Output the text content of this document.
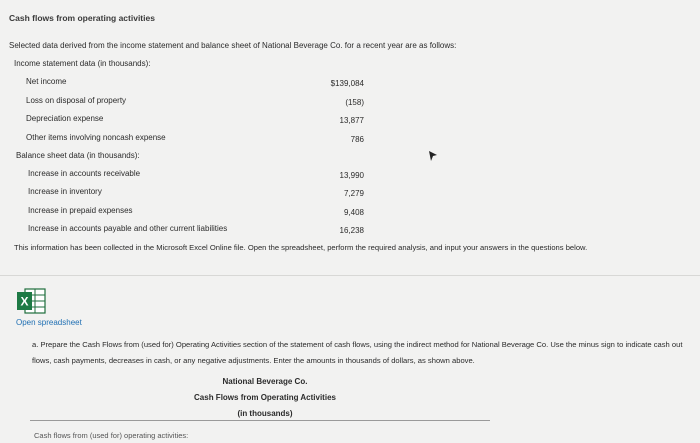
Cash flows from operating activities
Selected data derived from the income statement and balance sheet of National Beverage Co. for a recent year are as follows:
Income statement data (in thousands):
Net income	$139,084
Loss on disposal of property	(158)
Depreciation expense	13,877
Other items involving noncash expense	786
Balance sheet data (in thousands):
Increase in accounts receivable	13,990
Increase in inventory	7,279
Increase in prepaid expenses	9,408
Increase in accounts payable and other current liabilities	16,238
This information has been collected in the Microsoft Excel Online file. Open the spreadsheet, perform the required analysis, and input your answers in the questions below.
X
Open spreadsheet
a. Prepare the Cash Flows from (used for) Operating Activities section of the statement of cash flows, using the indirect method for National Beverage Co. Use the minus sign to indicate cash out flows, cash payments, decreases in cash, or any negative adjustments. Enter the amounts in thousands of dollars, as shown above.
National Beverage Co.
Cash Flows from Operating Activities
(in thousands)
Cash flows from (used for) operating activities:
